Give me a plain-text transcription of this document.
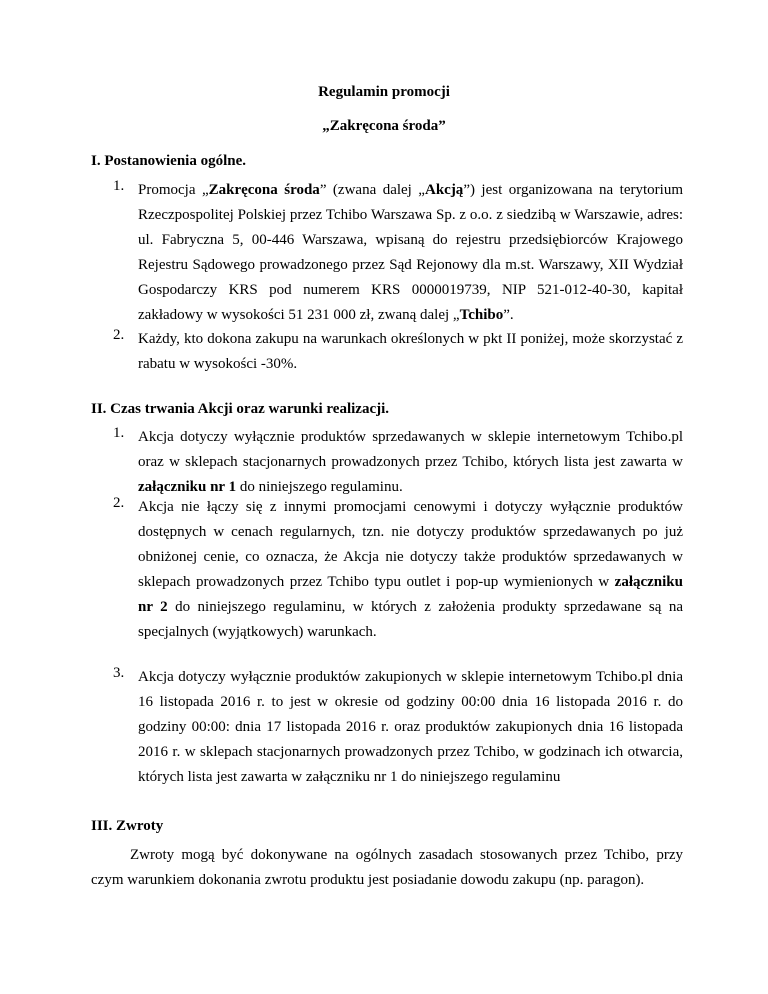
Regulamin promocji
„Zakręcona środa”
I. Postanowienia ogólne.
1. Promocja „Zakręcona środa” (zwana dalej „Akcją”) jest organizowana na terytorium Rzeczpospolitej Polskiej przez Tchibo Warszawa Sp. z o.o. z siedzibą w Warszawie, adres: ul. Fabryczna 5, 00-446 Warszawa, wpisaną do rejestru przedsiębiorców Krajowego Rejestru Sądowego prowadzonego przez Sąd Rejonowy dla m.st. Warszawy, XII Wydział Gospodarczy KRS pod numerem KRS 0000019739, NIP 521-012-40-30, kapitał zakładowy w wysokości 51 231 000 zł, zwaną dalej „Tchibo”.
2. Każdy, kto dokona zakupu na warunkach określonych w pkt II poniżej, może skorzystać z rabatu w wysokości -30%.
II. Czas trwania Akcji oraz warunki realizacji.
1. Akcja dotyczy wyłącznie produktów sprzedawanych w sklepie internetowym Tchibo.pl oraz w sklepach stacjonarnych prowadzonych przez Tchibo, których lista jest zawarta w załączniku nr 1 do niniejszego regulaminu.
2. Akcja nie łączy się z innymi promocjami cenowymi i dotyczy wyłącznie produktów dostępnych w cenach regularnych, tzn. nie dotyczy produktów sprzedawanych po już obniżonej cenie, co oznacza, że Akcja nie dotyczy także produktów sprzedawanych w sklepach prowadzonych przez Tchibo typu outlet i pop-up wymienionych w załączniku nr 2 do niniejszego regulaminu, w których z założenia produkty sprzedawane są na specjalnych (wyjątkowych) warunkach.
3. Akcja dotyczy wyłącznie produktów zakupionych w sklepie internetowym Tchibo.pl dnia 16 listopada 2016 r. to jest w okresie od godziny 00:00 dnia 16 listopada 2016 r. do godziny 00:00: dnia 17 listopada 2016 r. oraz produktów zakupionych dnia 16 listopada 2016 r. w sklepach stacjonarnych prowadzonych przez Tchibo, w godzinach ich otwarcia, których lista jest zawarta w załączniku nr 1 do niniejszego regulaminu
III. Zwroty
Zwroty mogą być dokonywane na ogólnych zasadach stosowanych przez Tchibo, przy czym warunkiem dokonania zwrotu produktu jest posiadanie dowodu zakupu (np. paragon).
